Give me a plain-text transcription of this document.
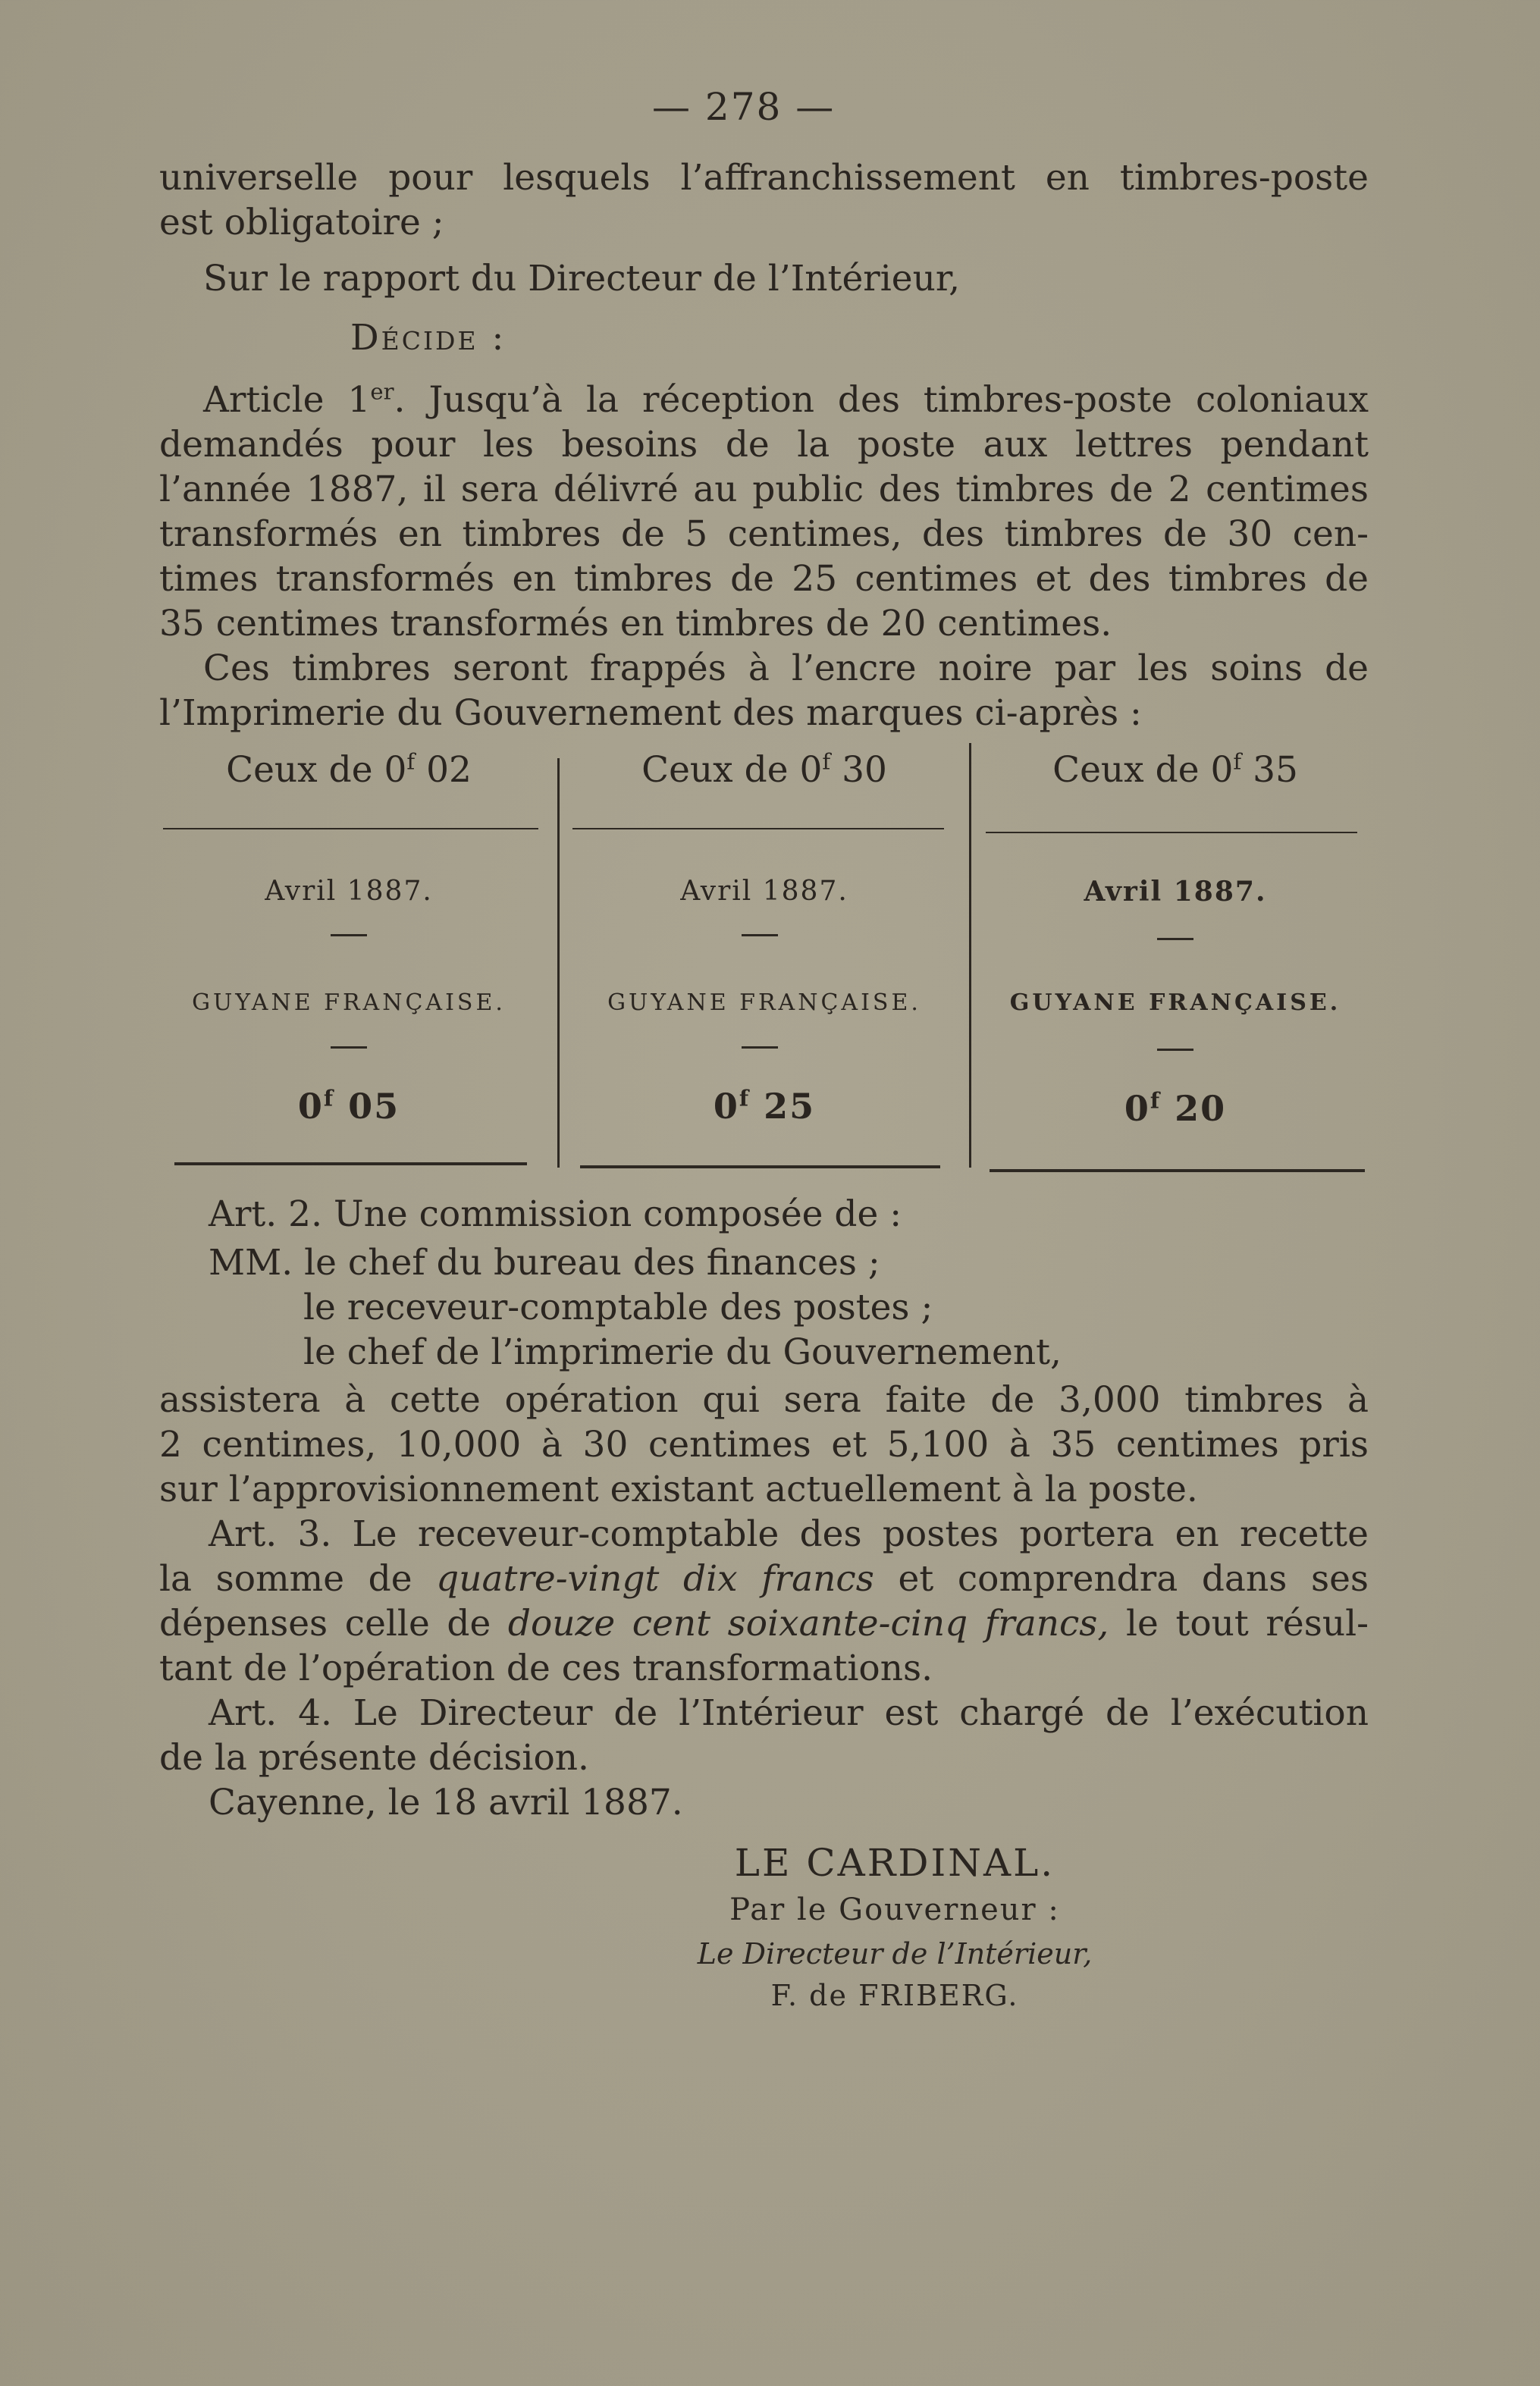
— 278 —
universelle pour lesquels l’affranchissement en timbres-poste
est obligatoire ;
Sur le rapport du Directeur de l’Intérieur,
Décide :
Article 1er. Jusqu’à la réception des timbres-poste coloniaux
demandés pour les besoins de la poste aux lettres pendant
l’année 1887, il sera délivré au public des timbres de 2 centimes
transformés en timbres de 5 centimes, des timbres de 30 cen-
times transformés en timbres de 25 centimes et des timbres de
35 centimes transformés en timbres de 20 centimes.
Ces timbres seront frappés à l’encre noire par les soins de
l’Imprimerie du Gouvernement des marques ci-après :
Ceux de 0$^f$ 02
Avril 1887.
GUYANE FRANÇAISE.
0$^f$ 05
Ceux de 0$^f$ 30
Avril 1887.
GUYANE FRANÇAISE.
0$^f$ 25
Ceux de 0$^f$ 35
Avril 1887.
GUYANE FRANÇAISE.
0$^f$ 20
Art. 2. Une commission composée de :
MM. le chef du bureau des finances ;
le receveur-comptable des postes ;
le chef de l’imprimerie du Gouvernement,
assistera à cette opération qui sera faite de 3,000 timbres à
2 centimes, 10,000 à 30 centimes et 5,100 à 35 centimes pris
sur l’approvisionnement existant actuellement à la poste.
Art. 3. Le receveur-comptable des postes portera en recette
la somme de quatre-vingt dix francs et comprendra dans ses
dépenses celle de douze cent soixante-cinq francs, le tout résul-
tant de l’opération de ces transformations.
Art. 4. Le Directeur de l’Intérieur est chargé de l’exécution
de la présente décision.
Cayenne, le 18 avril 1887.
LE CARDINAL.
Par le Gouverneur :
Le Directeur de l’Intérieur,
F. de FRIBERG.
